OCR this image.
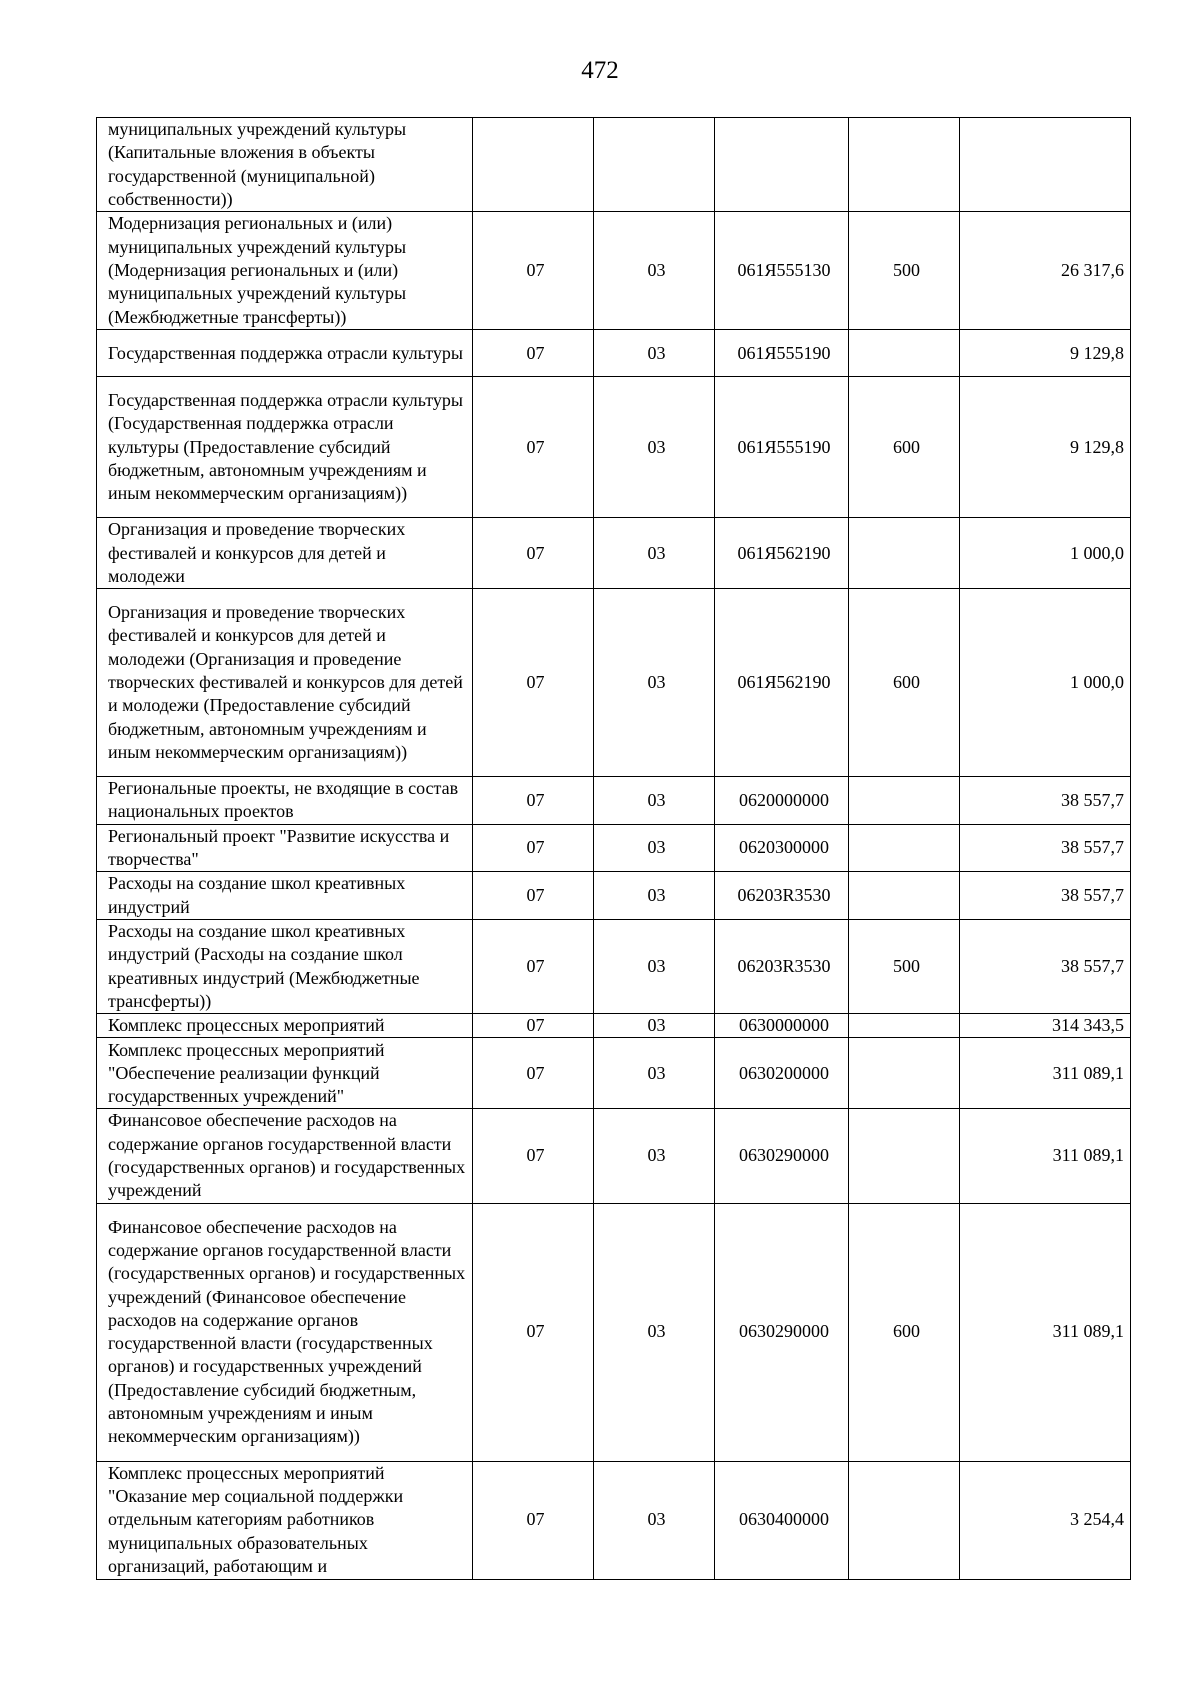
472
муниципальных учреждений культуры (Капитальные вложения в объекты государственной (муниципальной) собственности))					
Модернизация региональных и (или) муниципальных учреждений культуры (Модернизация региональных и (или) муниципальных учреждений культуры (Межбюджетные трансферты))	07	03	061Я555130	500	26 317,6
Государственная поддержка отрасли культуры	07	03	061Я555190		9 129,8
Государственная поддержка отрасли культуры (Государственная поддержка отрасли культуры (Предоставление субсидий бюджетным, автономным учреждениям и иным некоммерческим организациям))	07	03	061Я555190	600	9 129,8
Организация и проведение творческих фестивалей и конкурсов для детей и молодежи	07	03	061Я562190		1 000,0
Организация и проведение творческих фестивалей и конкурсов для детей и молодежи (Организация и проведение творческих фестивалей и конкурсов для детей и молодежи (Предоставление субсидий бюджетным, автономным учреждениям и иным некоммерческим организациям))	07	03	061Я562190	600	1 000,0
Региональные проекты, не входящие в состав национальных проектов	07	03	0620000000		38 557,7
Региональный проект "Развитие искусства и творчества"	07	03	0620300000		38 557,7
Расходы на создание школ креативных индустрий	07	03	06203R3530		38 557,7
Расходы на создание школ креативных индустрий (Расходы на создание школ креативных индустрий (Межбюджетные трансферты))	07	03	06203R3530	500	38 557,7
Комплекс процессных мероприятий	07	03	0630000000		314 343,5
Комплекс процессных мероприятий "Обеспечение реализации функций государственных учреждений"	07	03	0630200000		311 089,1
Финансовое обеспечение расходов на содержание органов государственной власти (государственных органов) и государственных учреждений	07	03	0630290000		311 089,1
Финансовое обеспечение расходов на содержание органов государственной власти (государственных органов) и государственных учреждений (Финансовое обеспечение расходов на содержание органов государственной власти (государственных органов) и государственных учреждений (Предоставление субсидий бюджетным, автономным учреждениям и иным некоммерческим организациям))	07	03	0630290000	600	311 089,1
Комплекс процессных мероприятий "Оказание мер социальной поддержки отдельным категориям работников муниципальных образовательных организаций, работающим и	07	03	0630400000		3 254,4
